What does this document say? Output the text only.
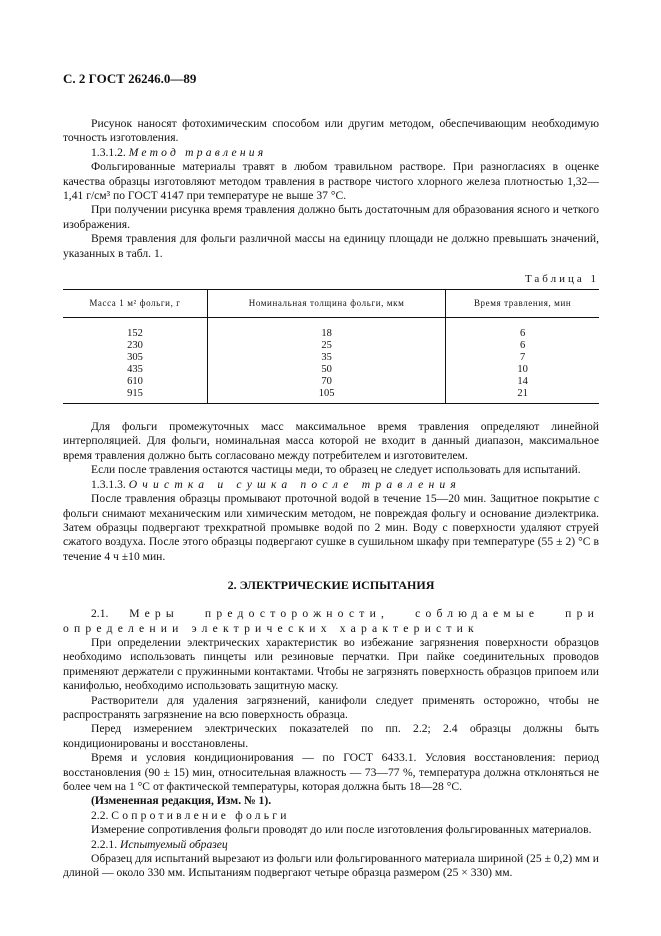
С. 2 ГОСТ 26246.0—89

Рисунок наносят фотохимическим способом или другим методом, обеспечивающим необходимую точность изготовления.

1.3.1.2. Метод травления

Фольгированные материалы травят в любом травильном растворе. При разногласиях в оценке качества образцы изготовляют методом травления в растворе чистого хлорного железа плотностью 1,32—1,41 г/см³ по ГОСТ 4147 при температуре не выше 37 °С.

При получении рисунка время травления должно быть достаточным для образования ясного и четкого изображения.

Время травления для фольги различной массы на единицу площади не должно превышать значений, указанных в табл. 1.

Таблица 1
Масса 1 м² фольги, г	Номинальная толщина фольги, мкм	Время травления, мин
152	18	6
230	25	6
305	35	7
435	50	10
610	70	14
915	105	21

Для фольги промежуточных масс максимальное время травления определяют линейной интерполяцией. Для фольги, номинальная масса которой не входит в данный диапазон, максимальное время травления должно быть согласовано между потребителем и изготовителем.

Если после травления остаются частицы меди, то образец не следует использовать для испытаний.

1.3.1.3. Очистка и сушка после травления

После травления образцы промывают проточной водой в течение 15—20 мин. Защитное покрытие с фольги снимают механическим или химическим методом, не повреждая фольгу и основание диэлектрика. Затем образцы подвергают трехкратной промывке водой по 2 мин. Воду с поверхности удаляют струей сжатого воздуха. После этого образцы подвергают сушке в сушильном шкафу при температуре (55 ± 2) °С в течение 4 ч ±10 мин.

2. ЭЛЕКТРИЧЕСКИЕ ИСПЫТАНИЯ

2.1. Меры предосторожности, соблюдаемые при определении электрических характеристик

При определении электрических характеристик во избежание загрязнения поверхности образцов необходимо использовать пинцеты или резиновые перчатки. При пайке соединительных проводов применяют держатели с пружинными контактами. Чтобы не загрязнять поверхность образцов припоем или канифолью, необходимо использовать защитную маску.

Растворители для удаления загрязнений, канифоли следует применять осторожно, чтобы не распространять загрязнение на всю поверхность образца.

Перед измерением электрических показателей по пп. 2.2; 2.4 образцы должны быть кондиционированы и восстановлены.

Время и условия кондиционирования — по ГОСТ 6433.1. Условия восстановления: период восстановления (90 ± 15) мин, относительная влажность — 73—77 %, температура должна отклоняться не более чем на 1 °С от фактической температуры, которая должна быть 18—28 °С.

(Измененная редакция, Изм. № 1).

2.2. Сопротивление фольги

Измерение сопротивления фольги проводят до или после изготовления фольгированных материалов.

2.2.1. Испытуемый образец

Образец для испытаний вырезают из фольги или фольгированного материала шириной (25 ± 0,2) мм и длиной — около 330 мм. Испытаниям подвергают четыре образца размером (25 × 330) мм.
